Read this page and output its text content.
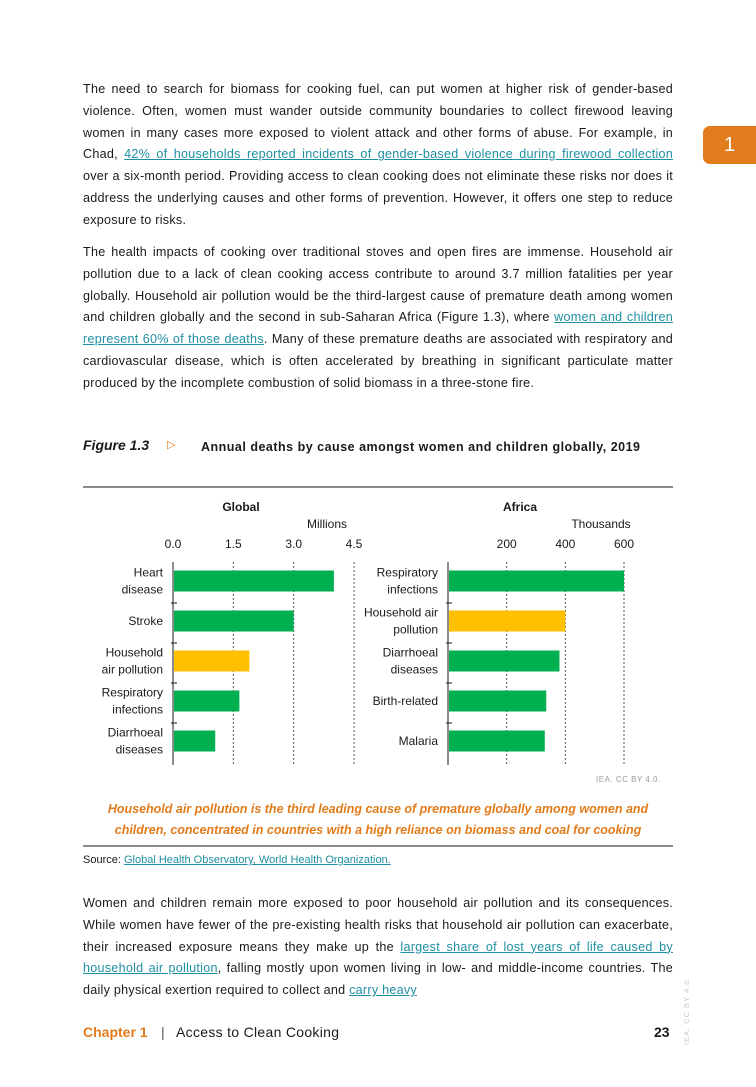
The need to search for biomass for cooking fuel, can put women at higher risk of gender-based violence. Often, women must wander outside community boundaries to collect firewood leaving women in many cases more exposed to violent attack and other forms of abuse. For example, in Chad, 42% of households reported incidents of gender-based violence during firewood collection over a six-month period. Providing access to clean cooking does not eliminate these risks nor does it address the underlying causes and other forms of prevention. However, it offers one step to reduce exposure to risks.

The health impacts of cooking over traditional stoves and open fires are immense. Household air pollution due to a lack of clean cooking access contribute to around 3.7 million fatalities per year globally. Household air pollution would be the third-largest cause of premature death among women and children globally and the second in sub-Saharan Africa (Figure 1.3), where women and children represent 60% of those deaths. Many of these premature deaths are associated with respiratory and cardiovascular disease, which is often accelerated by breathing in significant particulate matter produced by the incomplete combustion of solid biomass in a three-stone fire.

1
IEA. CC BY 4.0.
Figure 1.3 ▷ Annual deaths by cause amongst women and children globally, 2019

Global
Millions
0.0	1.5	3.0	4.5
Heart disease
Stroke
Household air pollution
Respiratory infections
Diarrhoeal diseases
Africa
Thousands
200	400	600
Respiratory infections
Household air pollution
Diarrhoeal diseases
Birth-related
Malaria
IEA. CC BY 4.0.

Household air pollution is the third leading cause of premature globally among women and children, concentrated in countries with a high reliance on biomass and coal for cooking

Source: Global Health Observatory, World Health Organization.

Women and children remain more exposed to poor household air pollution and its consequences. While women have fewer of the pre-existing health risks that household air pollution can exacerbate, their increased exposure means they make up the largest share of lost years of life caused by household air pollution, falling mostly upon women living in low- and middle-income countries. The daily physical exertion required to collect and carry heavy

Chapter 1 | Access to Clean Cooking	23
